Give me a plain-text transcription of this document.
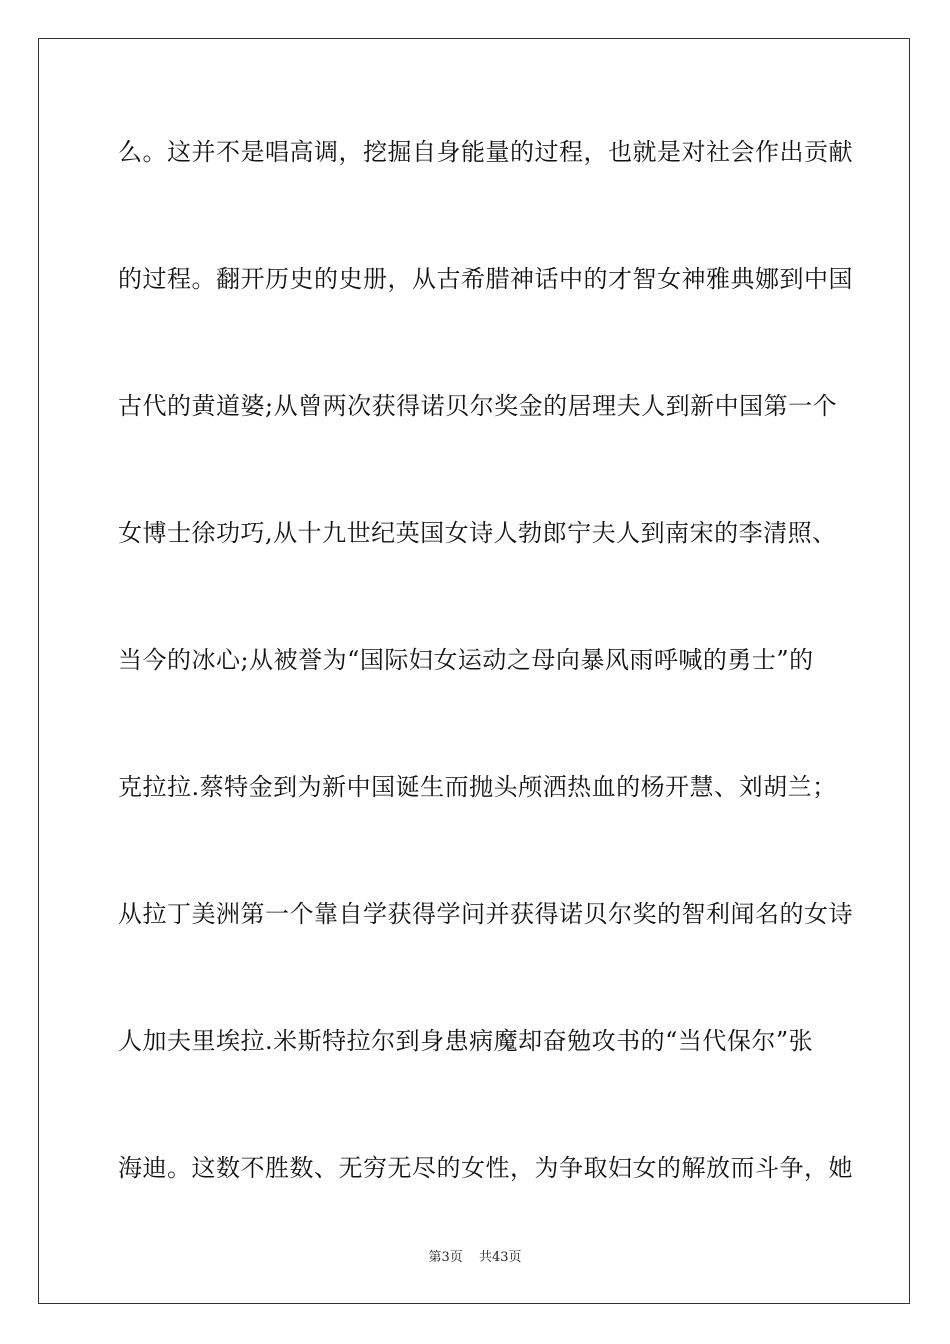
么。这并不是唱高调，挖掘自身能量的过程，也就是对社会作出贡献
的过程。翻开历史的史册，从古希腊神话中的才智女神雅典娜到中国
古代的黄道婆;从曾两次获得诺贝尔奖金的居理夫人到新中国第一个
女博士徐功巧,从十九世纪英国女诗人勃郎宁夫人到南宋的李清照、
当今的冰心;从被誉为“国际妇女运动之母向暴风雨呼喊的勇士”的
克拉拉.蔡特金到为新中国诞生而抛头颅洒热血的杨开慧、刘胡兰；
从拉丁美洲第一个靠自学获得学问并获得诺贝尔奖的智利闻名的女诗
人加夫里埃拉.米斯特拉尔到身患病魔却奋勉攻书的“当代保尔”张
海迪。这数不胜数、无穷无尽的女性，为争取妇女的解放而斗争，她
第3页 共43页
